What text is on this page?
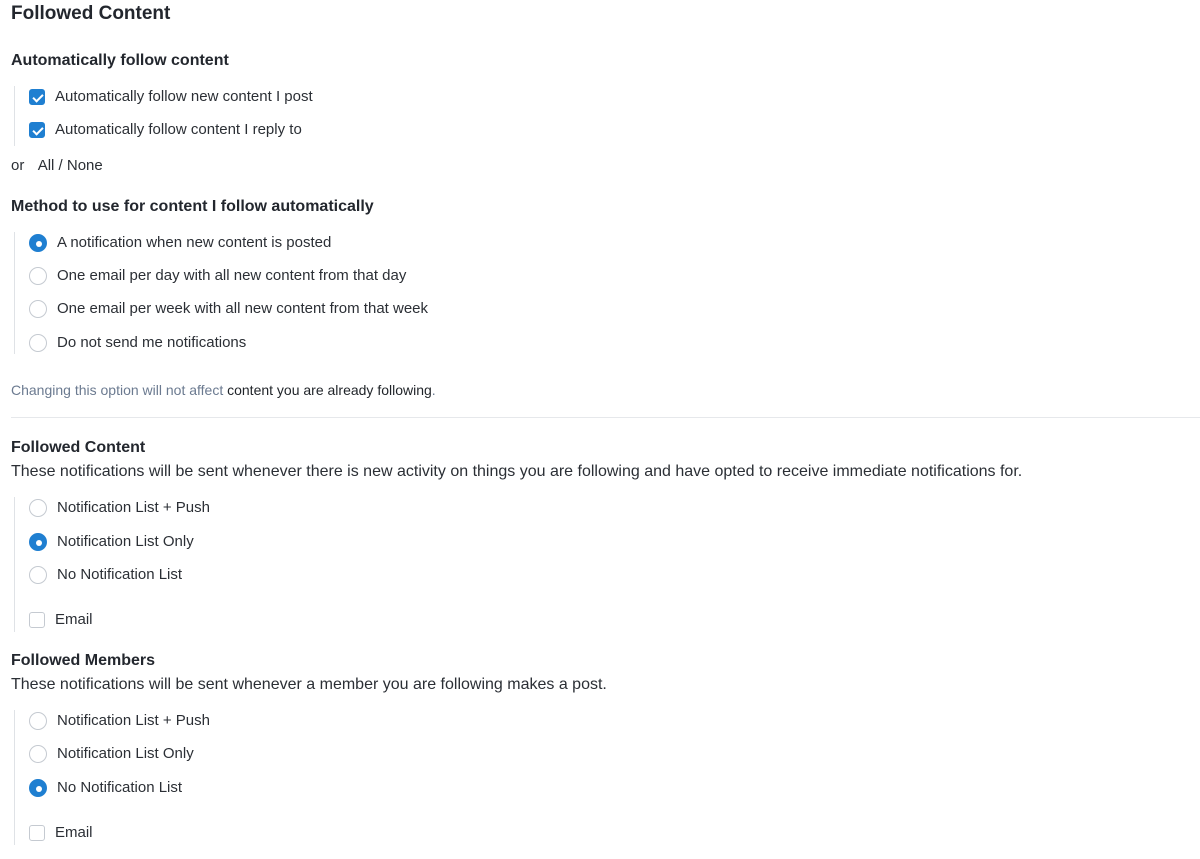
Followed Content
Automatically follow content
Automatically follow new content I post
Automatically follow content I reply to
or All / None
Method to use for content I follow automatically
A notification when new content is posted
One email per day with all new content from that day
One email per week with all new content from that week
Do not send me notifications
Changing this option will not affect content you are already following.
Followed Content
These notifications will be sent whenever there is new activity on things you are following and have opted to receive immediate notifications for.
Notification List + Push
Notification List Only
No Notification List
Email
Followed Members
These notifications will be sent whenever a member you are following makes a post.
Notification List + Push
Notification List Only
No Notification List
Email
